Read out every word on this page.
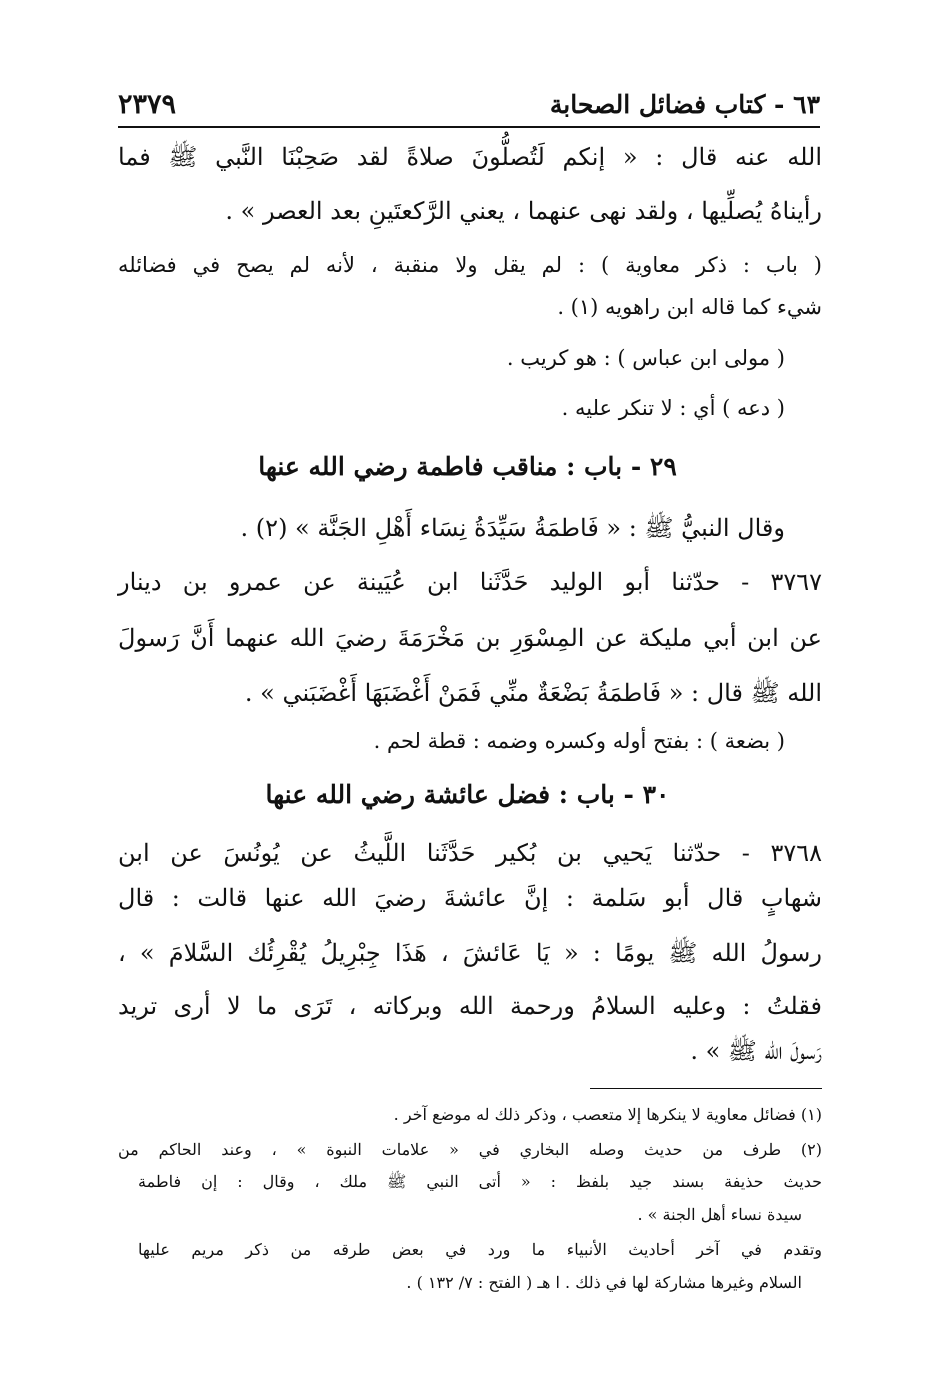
٦٣ - كتاب فضائل الصحابة
٢٣٧٩
الله عنه قال : « إنكم لَتُصلُّونَ صلاةً لقد صَحِبْنَا النَّبي ﷺ فما
رأيناهُ يُصلِّيها ، ولقد نهى عنهما ، يعني الرَّكعتَينِ بعد العصر » .
( باب : ذكر معاوية ) : لم يقل ولا منقبة ، لأنه لم يصح في فضائله
شيء كما قاله ابن راهويه (١) .
( مولى ابن عباس ) : هو كريب .
( دعه ) أي : لا تنكر عليه .
٢٩ - باب : مناقب فاطمة رضي الله عنها
وقال النبيُّ ﷺ : « فَاطمَةُ سَيِّدَةُ نِسَاء أَهْلِ الجَنَّة » (٢) .
٣٧٦٧ - حدّثنا أبو الوليد حَدَّثَنا ابن عُيَينة عن عمرو بن دينار
عن ابن أبي مليكة عن المِسْوَرِ بن مَخْرَمَةَ رضيَ الله عنهما أَنَّ رَسولَ
الله ﷺ قال : « فَاطمَةُ بَضْعَةٌ منِّي فَمَنْ أَغْضَبَهَا أَغْضَبَني » .
( بضعة ) : بفتح أوله وكسره وضمه : قطة لحم .
٣٠ - باب : فضل عائشة رضي الله عنها
٣٧٦٨ - حدّثنا يَحيي بن بُكير حَدَّثَنا اللَّيثُ عن يُونُسَ عن ابن
شهابٍ قال أبو سَلمة : إنَّ عائشةَ رضيَ الله عنها قالت : قال
رسولُ الله ﷺ يومًا : « يَا عَائشَ ، هَذَا جِبْرِيلُ يُقْرِئُك السَّلامَ » ،
فقلتُ : وعليه السلامُ ورحمة الله وبركاته ، تَرَى ما لا أرى تريد
رَسولَ الله ﷺ » .
(١) فضائل معاوية لا ينكرها إلا متعصب ، وذكر ذلك له موضع آخر .
(٢) طرف من حديث وصله البخاري في « علامات النبوة » ، وعند الحاكم من
حديث حذيفة بسند جيد بلفظ : « أتى النبي ﷺ ملك ، وقال : إن فاطمة
سيدة نساء أهل الجنة » .
وتقدم في آخر أحاديث الأنبياء ما ورد في بعض طرقه من ذكر مريم عليها
السلام وغيرها مشاركة لها في ذلك . ا هـ ( الفتح : ٧/ ١٣٢ ) .
